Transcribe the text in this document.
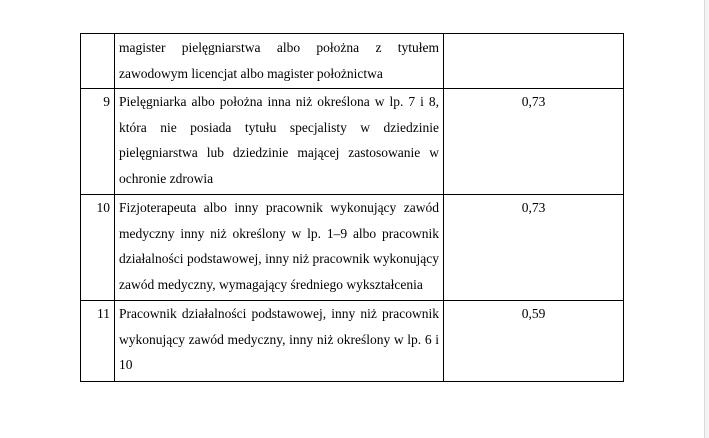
	magister pielęgniarstwa albo położna z tytułem zawodowym licencjat albo magister położnictwa	
9	Pielęgniarka albo położna inna niż określona w lp. 7 i 8, która nie posiada tytułu specjalisty w dziedzinie pielęgniarstwa lub dziedzinie mającej zastosowanie w ochronie zdrowia	0,73
10	Fizjoterapeuta albo inny pracownik wykonujący zawód medyczny inny niż określony w lp. 1–9 albo pracownik działalności podstawowej, inny niż pracownik wykonujący zawód medyczny, wymagający średniego wykształcenia	0,73
11	Pracownik działalności podstawowej, inny niż pracownik wykonujący zawód medyczny, inny niż określony w lp. 6 i 10	0,59
